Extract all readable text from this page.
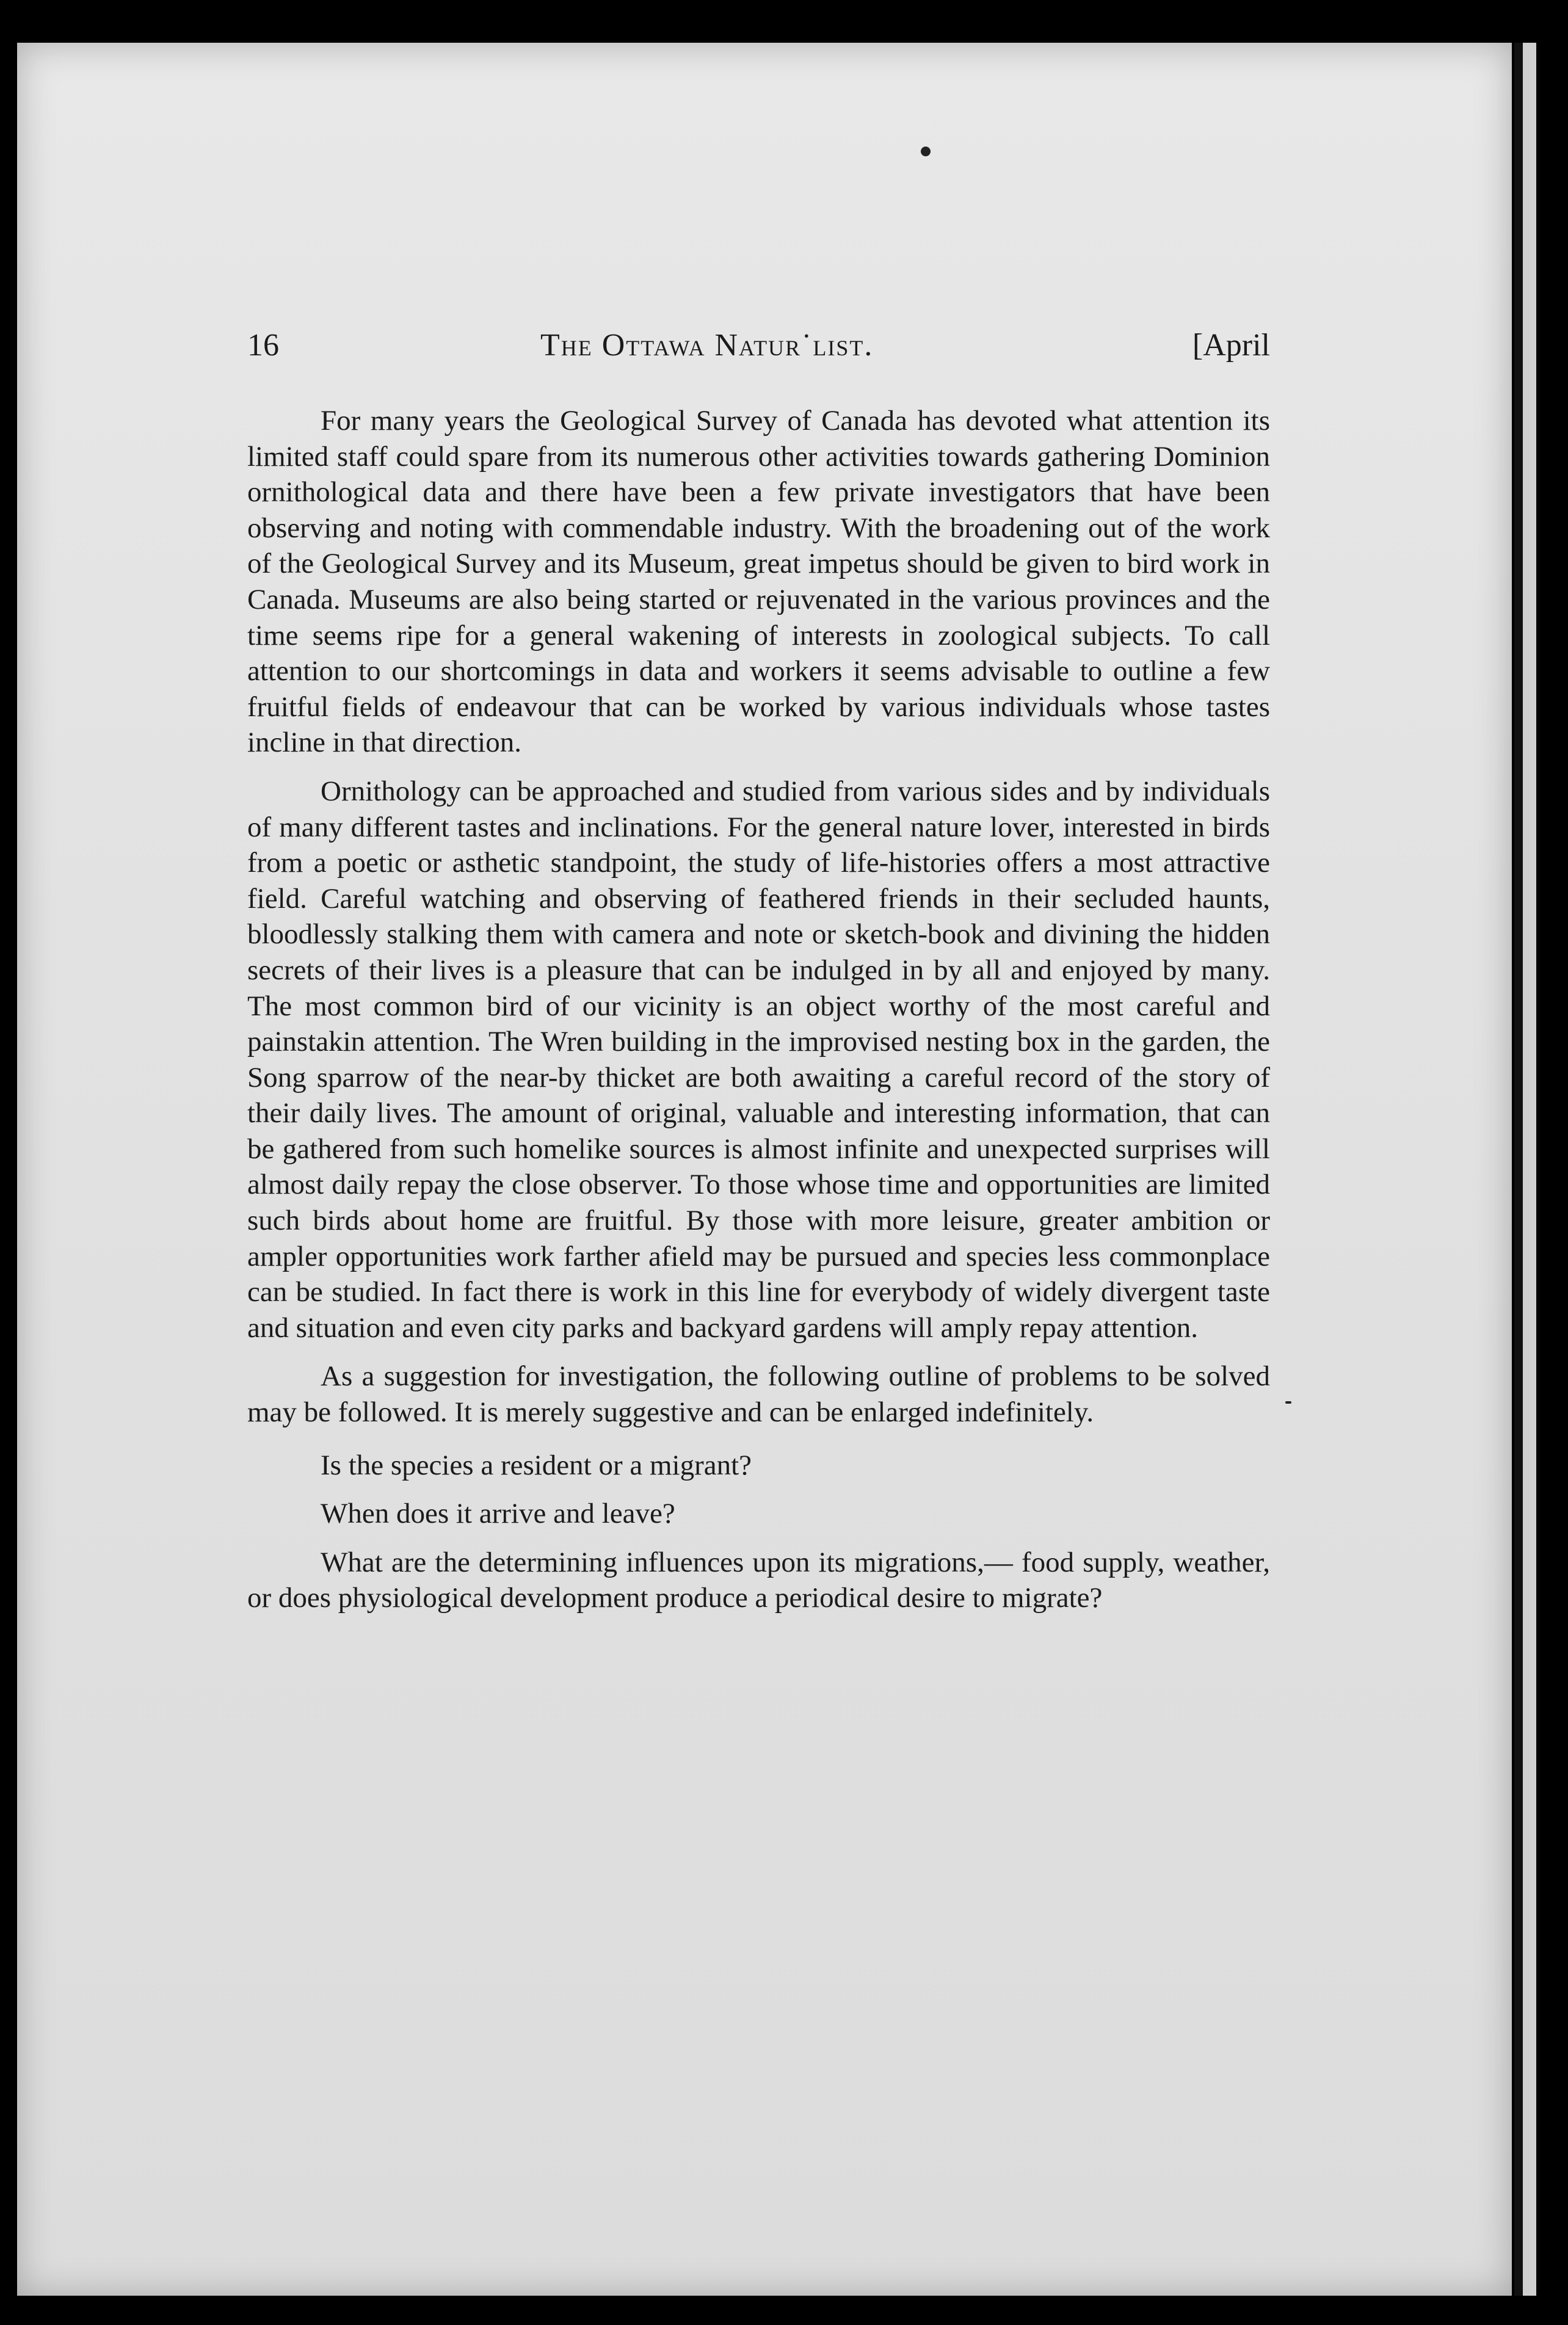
16	The Ottawa Natur˙list.	[April

For many years the Geological Survey of Canada has devoted what attention its limited staff could spare from its numerous other activities towards gathering Dominion ornithological data and there have been a few private investigators that have been observing and noting with commendable industry. With the broadening out of the work of the Geological Survey and its Museum, great impetus should be given to bird work in Canada. Museums are also being started or rejuvenated in the various provinces and the time seems ripe for a general wakening of interests in zoological subjects. To call attention to our shortcomings in data and workers it seems advisable to outline a few fruitful fields of endeavour that can be worked by various individuals whose tastes incline in that direction.

Ornithology can be approached and studied from various sides and by individuals of many different tastes and inclinations. For the general nature lover, interested in birds from a poetic or asthetic standpoint, the study of life-histories offers a most attractive field. Careful watching and observing of feathered friends in their secluded haunts, bloodlessly stalking them with camera and note or sketch-book and divining the hidden secrets of their lives is a pleasure that can be indulged in by all and enjoyed by many. The most common bird of our vicinity is an object worthy of the most careful and painstakin attention. The Wren building in the improvised nesting box in the garden, the Song sparrow of the near-by thicket are both awaiting a careful record of the story of their daily lives. The amount of original, valuable and interesting information, that can be gathered from such homelike sources is almost infinite and unexpected surprises will almost daily repay the close observer. To those whose time and opportunities are limited such birds about home are fruitful. By those with more leisure, greater ambition or ampler opportunities work farther afield may be pursued and species less commonplace can be studied. In fact there is work in this line for everybody of widely divergent taste and situation and even city parks and backyard gardens will amply repay attention.

As a suggestion for investigation, the following outline of problems to be solved may be followed. It is merely suggestive and can be enlarged indefinitely.

Is the species a resident or a migrant?

When does it arrive and leave?

What are the determining influences upon its migrations,— food supply, weather, or does physiological development produce a periodical desire to migrate?
